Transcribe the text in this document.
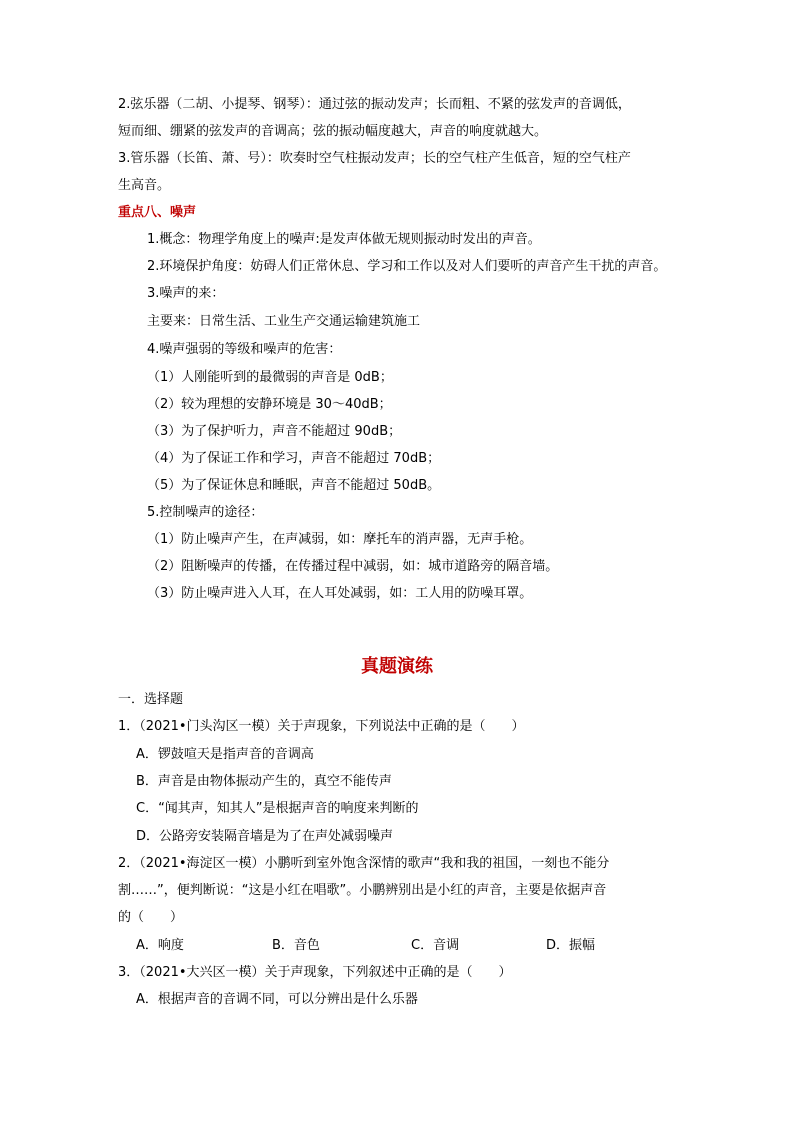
2.弦乐器（二胡、小提琴、钢琴）：通过弦的振动发声；长而粗、不紧的弦发声的音调低，
短而细、绷紧的弦发声的音调高；弦的振动幅度越大，声音的响度就越大。
3.管乐器（长笛、萧、号）：吹奏时空气柱振动发声；长的空气柱产生低音，短的空气柱产
生高音。
重点八、噪声
1.概念：物理学角度上的噪声:是发声体做无规则振动时发出的声音。
2.环境保护角度：妨碍人们正常休息、学习和工作以及对人们要听的声音产生干扰的声音。
3.噪声的来：
主要来：日常生活、工业生产交通运输建筑施工
4.噪声强弱的等级和噪声的危害：
（1）人刚能听到的最微弱的声音是 0dB；
（2）较为理想的安静环境是 30～40dB；
（3）为了保护听力，声音不能超过 90dB；
（4）为了保证工作和学习，声音不能超过 70dB；
（5）为了保证休息和睡眠，声音不能超过 50dB。
5.控制噪声的途径：
（1）防止噪声产生，在声减弱，如：摩托车的消声器，无声手枪。
（2）阻断噪声的传播，在传播过程中减弱，如：城市道路旁的隔音墙。
（3）防止噪声进入人耳，在人耳处减弱，如：工人用的防噪耳罩。
真题演练
一．选择题
1．（2021•门头沟区一模）关于声现象，下列说法中正确的是（　　）
A．锣鼓喧天是指声音的音调高
B．声音是由物体振动产生的，真空不能传声
C．“闻其声，知其人”是根据声音的响度来判断的
D．公路旁安装隔音墙是为了在声处减弱噪声
2．（2021•海淀区一模）小鹏听到室外饱含深情的歌声“我和我的祖国，一刻也不能分
割……”，便判断说：“这是小红在唱歌”。小鹏辨别出是小红的声音，主要是依据声音
的（　　）
A．响度	B．音色	C．音调	D．振幅
3．（2021•大兴区一模）关于声现象，下列叙述中正确的是（　　）
A．根据声音的音调不同，可以分辨出是什么乐器
